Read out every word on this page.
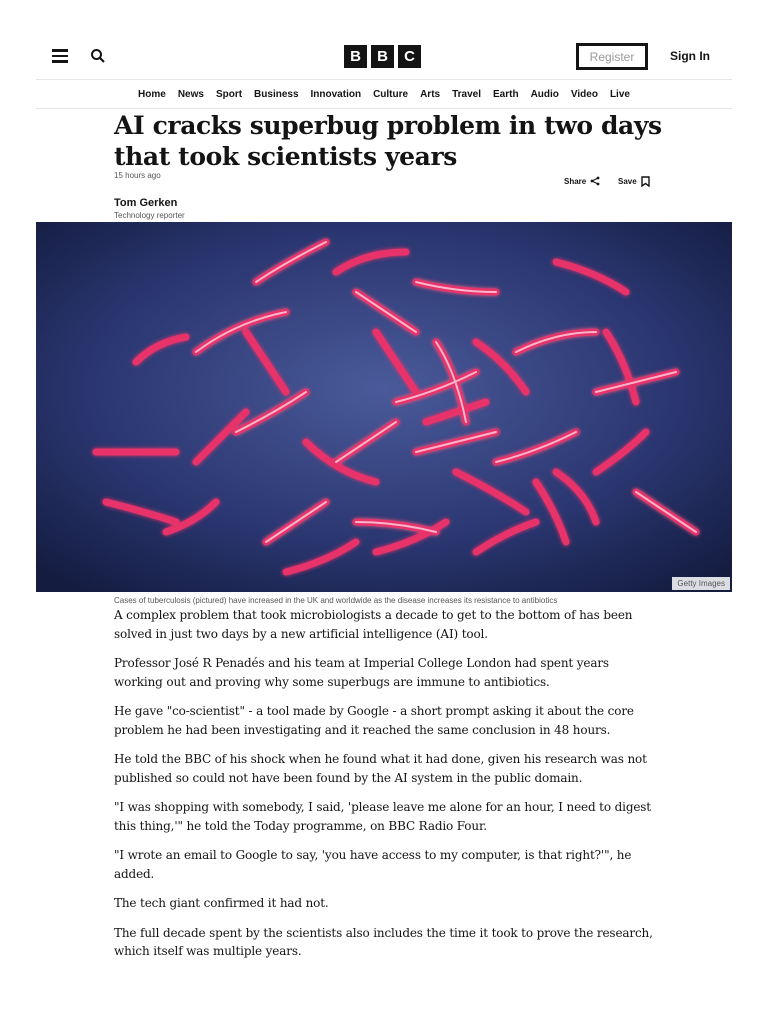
B	B	C	Register	Sign In
Home News Sport Business Innovation Culture Arts Travel Earth Audio Video Live
AI cracks superbug problem in two days that took scientists years
15 hours ago
Share	Save
Tom Gerken
Technology reporter
Getty Images
Cases of tuberculosis (pictured) have increased in the UK and worldwide as the disease increases its resistance to antibiotics

A complex problem that took microbiologists a decade to get to the bottom of has been solved in just two days by a new artificial intelligence (AI) tool.

Professor José R Penadés and his team at Imperial College London had spent years working out and proving why some superbugs are immune to antibiotics.

He gave "co-scientist" - a tool made by Google - a short prompt asking it about the core problem he had been investigating and it reached the same conclusion in 48 hours.

He told the BBC of his shock when he found what it had done, given his research was not published so could not have been found by the AI system in the public domain.

"I was shopping with somebody, I said, 'please leave me alone for an hour, I need to digest this thing,'" he told the Today programme, on BBC Radio Four.

"I wrote an email to Google to say, 'you have access to my computer, is that right?'", he added.

The tech giant confirmed it had not.

The full decade spent by the scientists also includes the time it took to prove the research, which itself was multiple years.
